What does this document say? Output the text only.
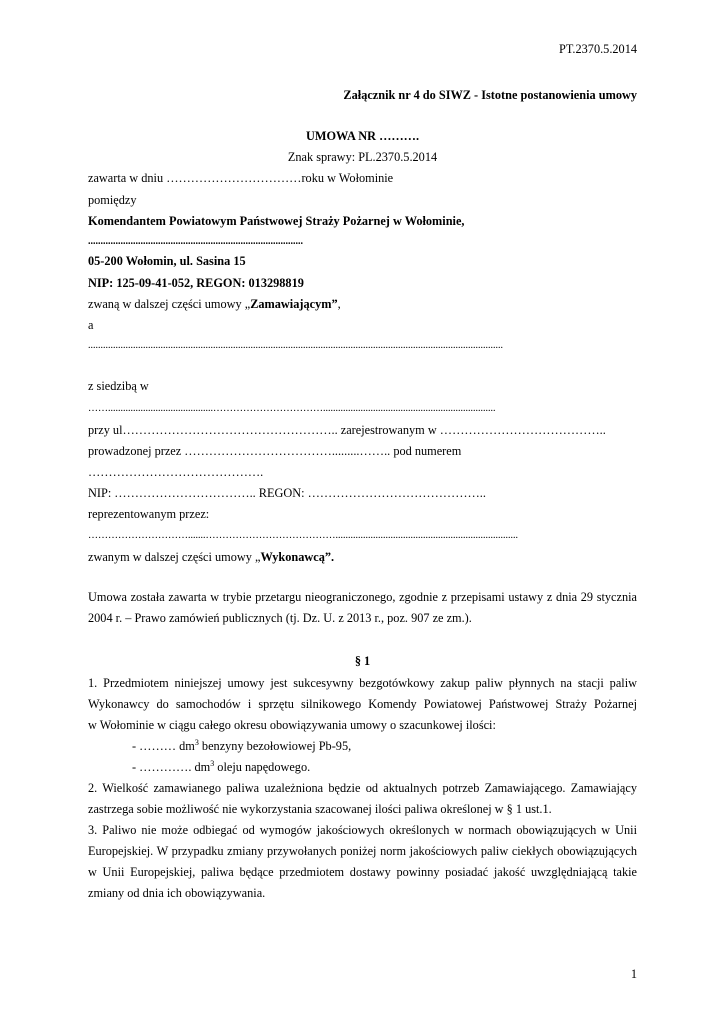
PT.2370.5.2014
Załącznik nr 4 do SIWZ - Istotne postanowienia umowy
UMOWA NR ……….
Znak sprawy: PL.2370.5.2014
zawarta w dniu ……………………………roku w Wołominie
pomiędzy
Komendantem Powiatowym Państwowej Straży Pożarnej w Wołominie,
......................................................................................
05-200 Wołomin, ul. Sasina 15
NIP: 125-09-41-052, REGON: 013298819
zwaną w dalszej części umowy „Zamawiającym”,
a
......................................................................................................................................................................
z siedzibą w
……..........................................…………………………….....................................................................
przy ul…………………………………………….. zarejestrowanym w …………………………………..
prowadzonej przez ……………………………….........…….. pod numerem
…………………………………….
NIP: …………………………….. REGON: ……………………………………..
reprezentowanym przez:
………………………….......………………………………….........................................................................
zwanym w dalszej części umowy „Wykonawcą”.
Umowa została zawarta w trybie przetargu nieograniczonego, zgodnie z przepisami ustawy z dnia 29 stycznia
2004 r. – Prawo zamówień publicznych (tj. Dz. U. z 2013 r., poz. 907 ze zm.).
§ 1
1. Przedmiotem niniejszej umowy jest sukcesywny bezgotówkowy zakup paliw płynnych na stacji paliw
Wykonawcy do samochodów i sprzętu silnikowego Komendy Powiatowej Państwowej Straży Pożarnej
w Wołominie w ciągu całego okresu obowiązywania umowy o szacunkowej ilości:
- ……… $dm^3$ benzyny bezołowiowej Pb-95,
- …………. $dm^3$ oleju napędowego.
2. Wielkość zamawianego paliwa uzależniona będzie od aktualnych potrzeb Zamawiającego. Zamawiający
zastrzega sobie możliwość nie wykorzystania szacowanej ilości paliwa określonej w § 1 ust.1.
3. Paliwo nie może odbiegać od wymogów jakościowych określonych w normach obowiązujących w Unii
Europejskiej. W przypadku zmiany przywołanych poniżej norm jakościowych paliw ciekłych obowiązujących
w Unii Europejskiej, paliwa będące przedmiotem dostawy powinny posiadać jakość uwzględniającą takie
zmiany od dnia ich obowiązywania.
1
